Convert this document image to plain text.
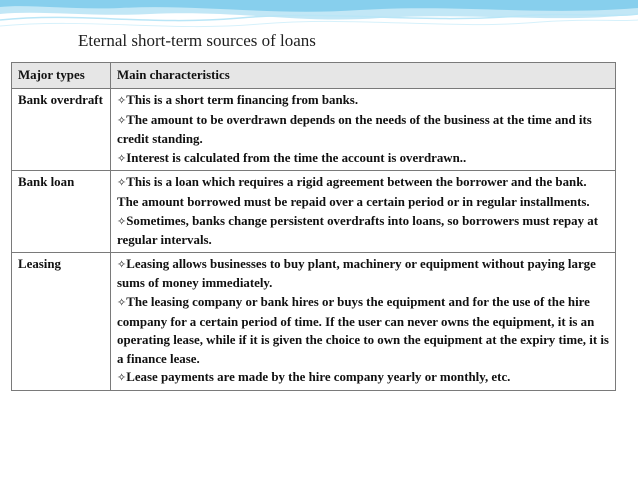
Eternal short-term sources of loans
Major types	Main characteristics
Bank overdraft	✧This is a short term financing from banks.
✧The amount to be overdrawn depends on the needs of the business at the time and its credit standing.
✧Interest is calculated from the time the account is overdrawn..

Bank loan	✧This is a loan which requires a rigid agreement between the borrower and the bank. The amount borrowed must be repaid over a certain period or in regular installments.
✧Sometimes, banks change persistent overdrafts into loans, so borrowers must repay at regular intervals.

Leasing	✧Leasing allows businesses to buy plant, machinery or equipment without paying large sums of money immediately.
✧The leasing company or bank hires or buys the equipment and for the use of the hire company for a certain period of time. If the user can never owns the equipment, it is an operating lease, while if it is given the choice to own the equipment at the expiry time, it is a finance lease.
✧Lease payments are made by the hire company yearly or monthly, etc.
